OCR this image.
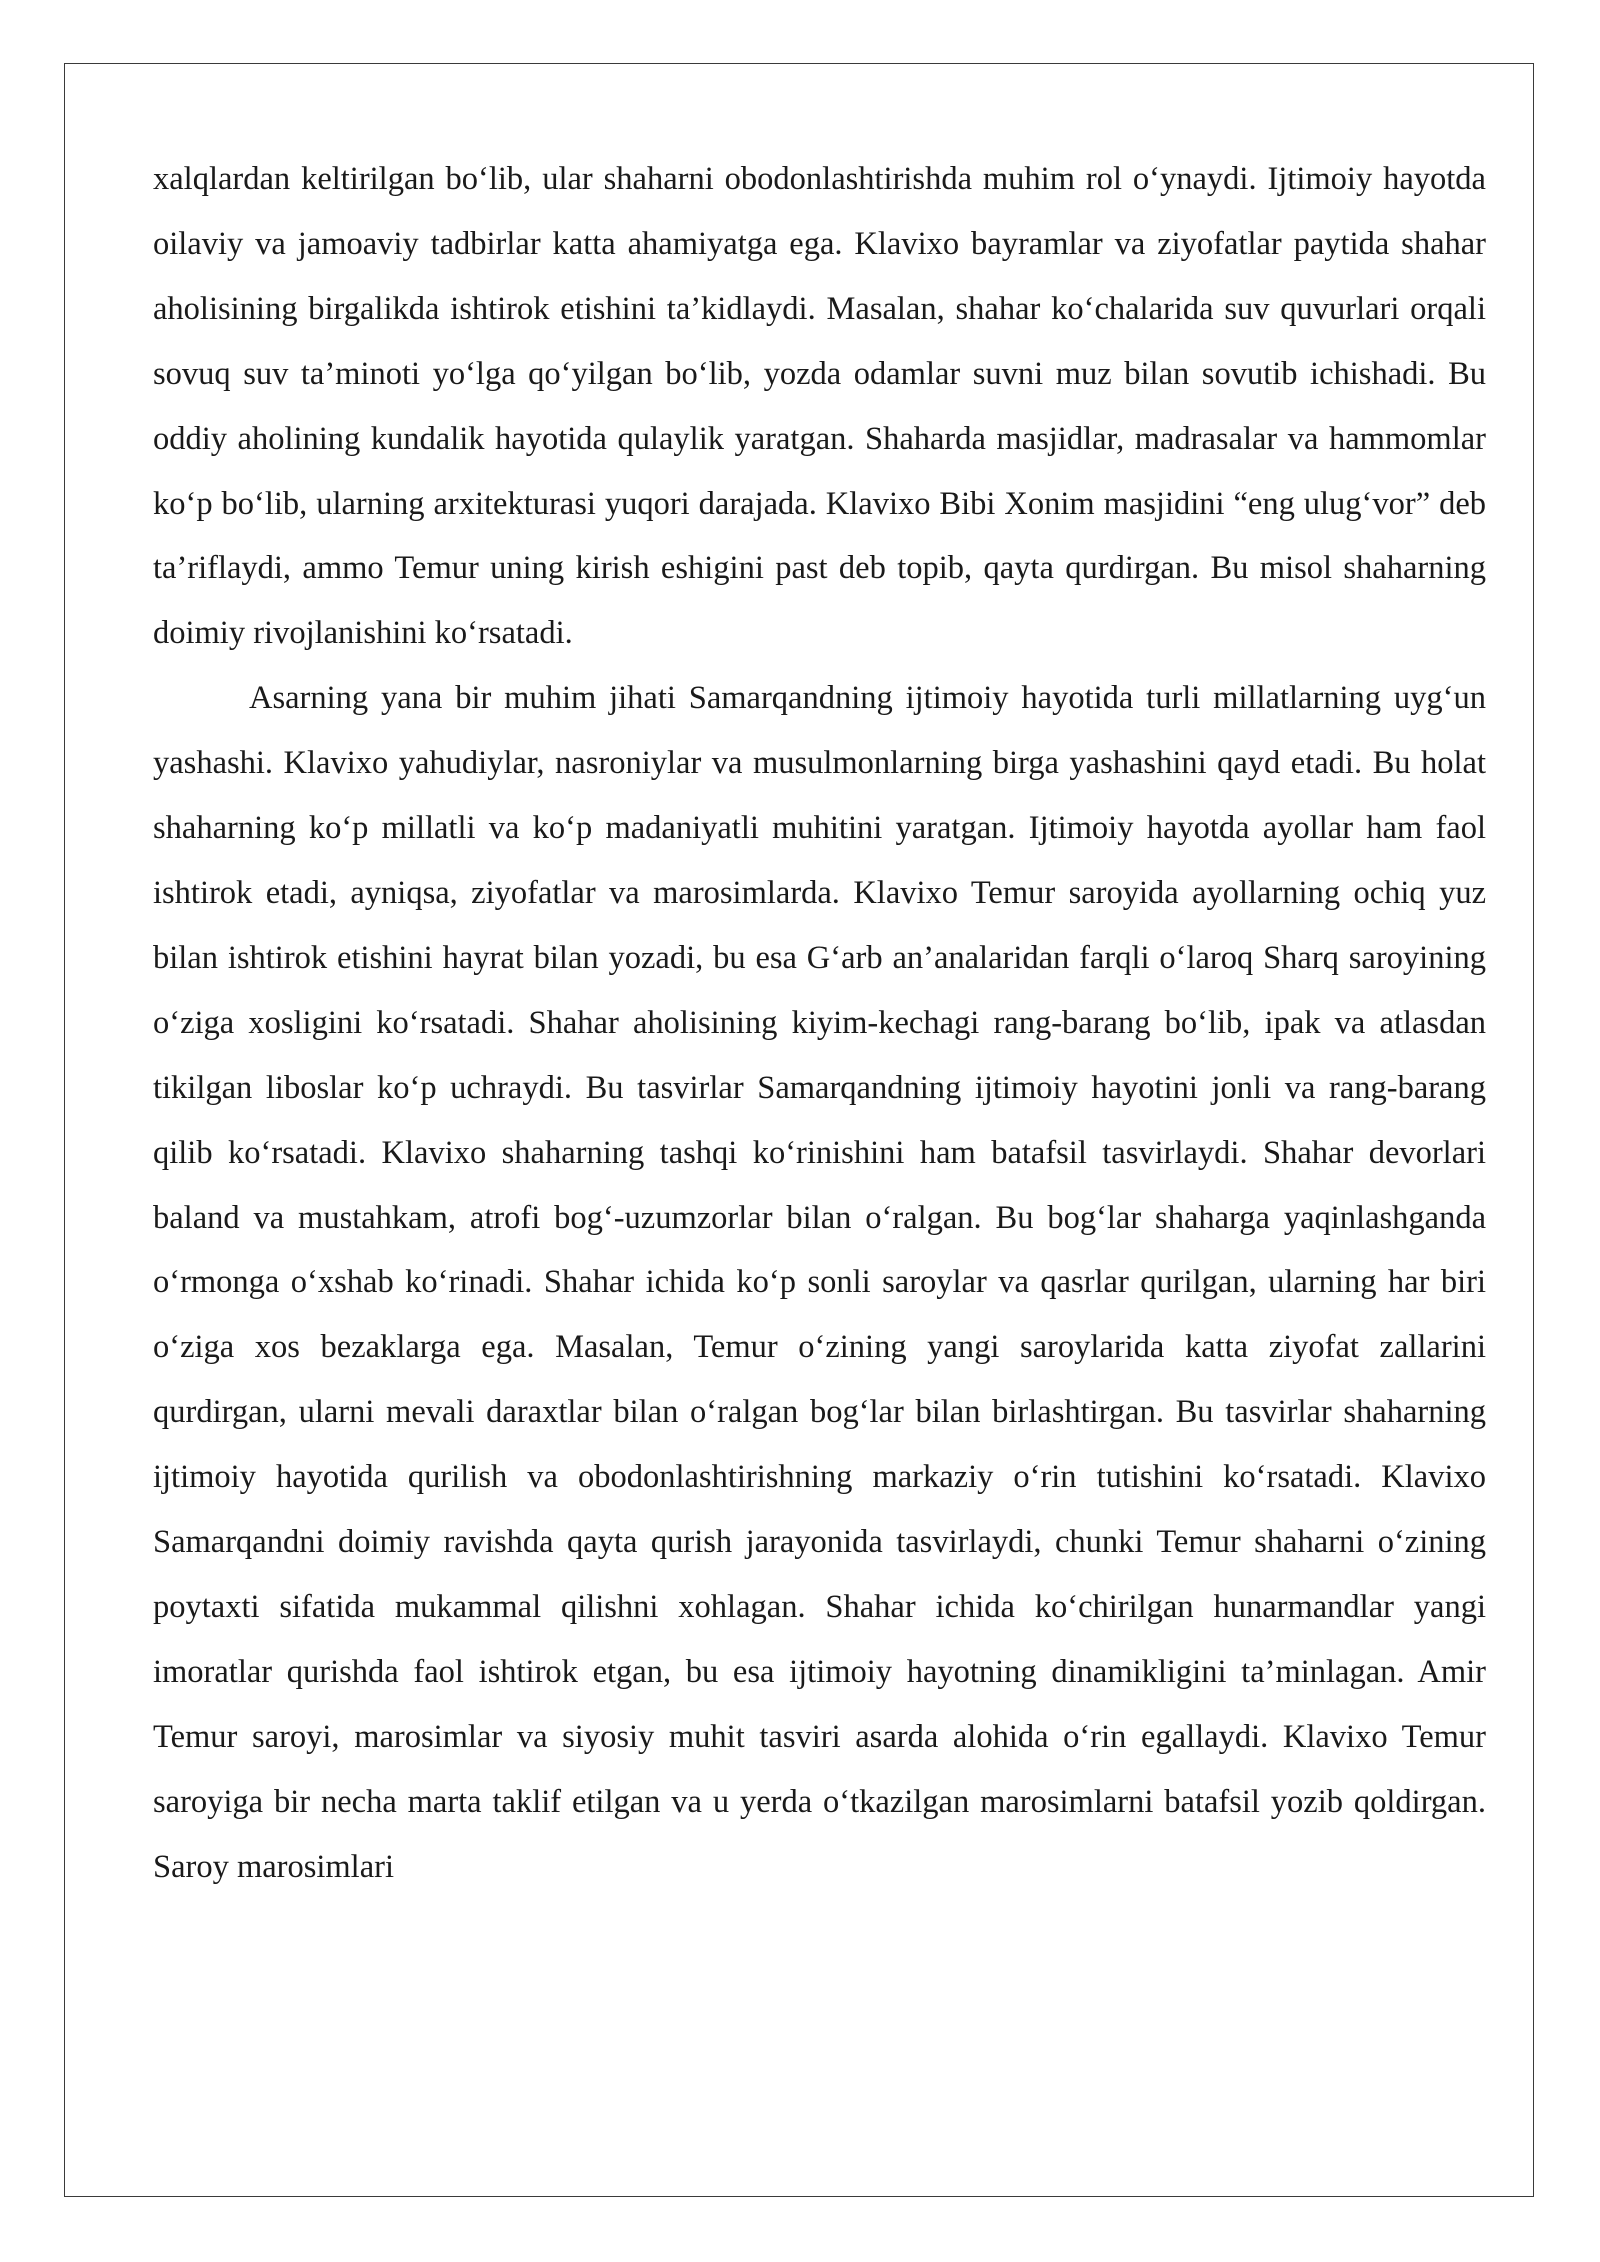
xalqlardan keltirilgan bo‘lib, ular shaharni obodonlashtirishda muhim rol o‘ynaydi. Ijtimoiy hayotda oilaviy va jamoaviy tadbirlar katta ahamiyatga ega. Klavixo bayramlar va ziyofatlar paytida shahar aholisining birgalikda ishtirok etishini ta’kidlaydi. Masalan, shahar ko‘chalarida suv quvurlari orqali sovuq suv ta’minoti yo‘lga qo‘yilgan bo‘lib, yozda odamlar suvni muz bilan sovutib ichishadi. Bu oddiy aholining kundalik hayotida qulaylik yaratgan. Shaharda masjidlar, madrasalar va hammomlar ko‘p bo‘lib, ularning arxitekturasi yuqori darajada. Klavixo Bibi Xonim masjidini “eng ulug‘vor” deb ta’riflaydi, ammo Temur uning kirish eshigini past deb topib, qayta qurdirgan. Bu misol shaharning doimiy rivojlanishini ko‘rsatadi.

Asarning yana bir muhim jihati Samarqandning ijtimoiy hayotida turli millatlarning uyg‘un yashashi. Klavixo yahudiylar, nasroniylar va musulmonlarning birga yashashini qayd etadi. Bu holat shaharning ko‘p millatli va ko‘p madaniyatli muhitini yaratgan. Ijtimoiy hayotda ayollar ham faol ishtirok etadi, ayniqsa, ziyofatlar va marosimlarda. Klavixo Temur saroyida ayollarning ochiq yuz bilan ishtirok etishini hayrat bilan yozadi, bu esa G‘arb an’analaridan farqli o‘laroq Sharq saroyining o‘ziga xosligini ko‘rsatadi. Shahar aholisining kiyim-kechagi rang-barang bo‘lib, ipak va atlasdan tikilgan liboslar ko‘p uchraydi. Bu tasvirlar Samarqandning ijtimoiy hayotini jonli va rang-barang qilib ko‘rsatadi. Klavixo shaharning tashqi ko‘rinishini ham batafsil tasvirlaydi. Shahar devorlari baland va mustahkam, atrofi bog‘-uzumzorlar bilan o‘ralgan. Bu bog‘lar shaharga yaqinlashganda o‘rmonga o‘xshab ko‘rinadi. Shahar ichida ko‘p sonli saroylar va qasrlar qurilgan, ularning har biri o‘ziga xos bezaklarga ega. Masalan, Temur o‘zining yangi saroylarida katta ziyofat zallarini qurdirgan, ularni mevali daraxtlar bilan o‘ralgan bog‘lar bilan birlashtirgan. Bu tasvirlar shaharning ijtimoiy hayotida qurilish va obodonlashtirishning markaziy o‘rin tutishini ko‘rsatadi. Klavixo Samarqandni doimiy ravishda qayta qurish jarayonida tasvirlaydi, chunki Temur shaharni o‘zining poytaxti sifatida mukammal qilishni xohlagan. Shahar ichida ko‘chirilgan hunarmandlar yangi imoratlar qurishda faol ishtirok etgan, bu esa ijtimoiy hayotning dinamikligini ta’minlagan. Amir Temur saroyi, marosimlar va siyosiy muhit tasviri asarda alohida o‘rin egallaydi. Klavixo Temur saroyiga bir necha marta taklif etilgan va u yerda o‘tkazilgan marosimlarni batafsil yozib qoldirgan. Saroy marosimlari
